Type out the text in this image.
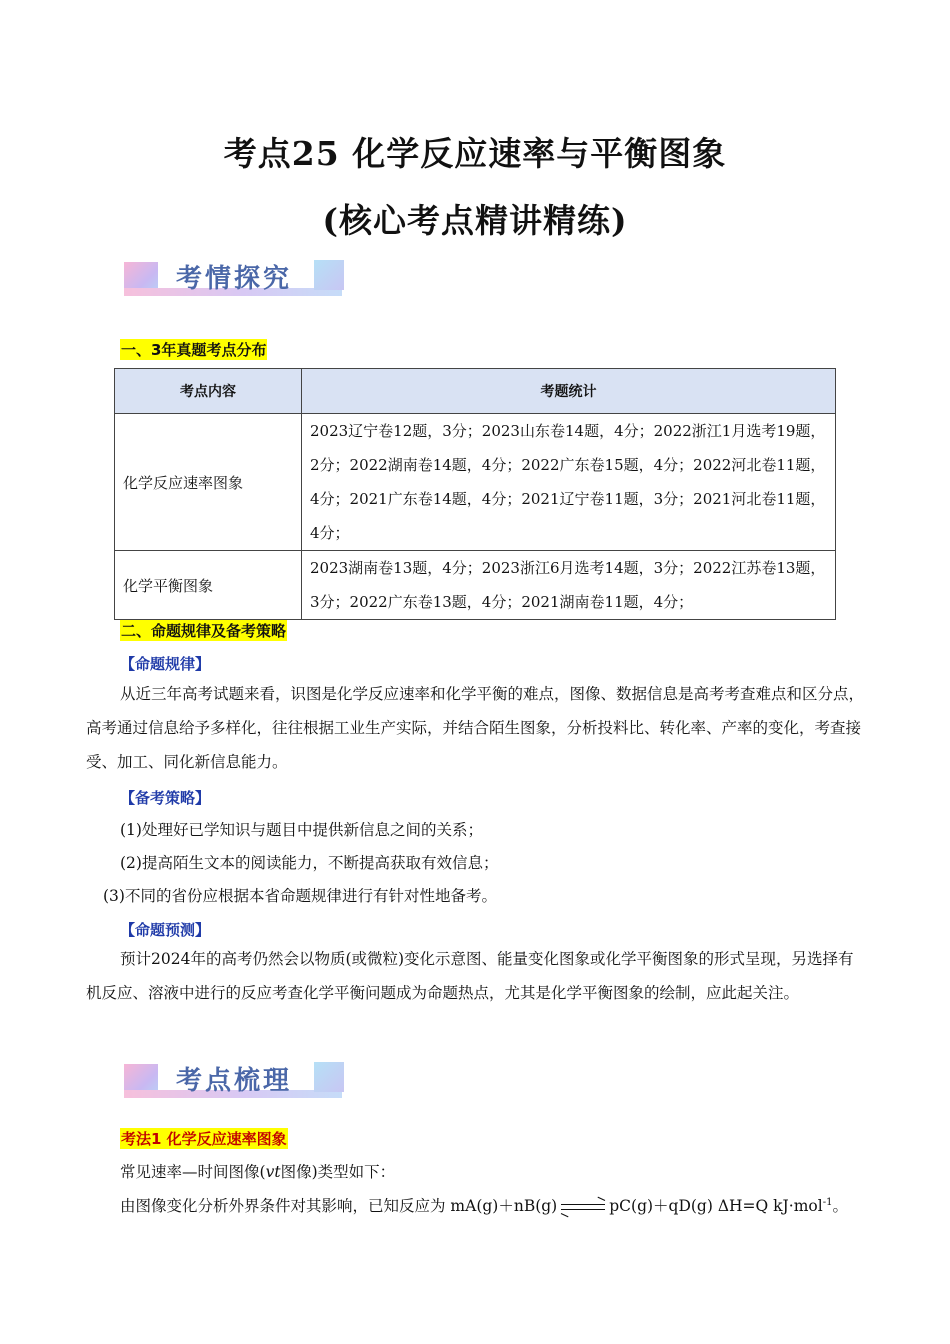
考点25 化学反应速率与平衡图象
(核心考点精讲精练)
考情探究
一、3年真题考点分布
考点内容	考题统计
化学反应速率图象	2023辽宁卷12题，3分；2023山东卷14题，4分；2022浙江1月选考19题，2分；2022湖南卷14题，4分；2022广东卷15题，4分；2022河北卷11题，4分；2021广东卷14题，4分；2021辽宁卷11题，3分；2021河北卷11题，4分；
化学平衡图象	2023湖南卷13题，4分；2023浙江6月选考14题，3分；2022江苏卷13题，3分；2022广东卷13题，4分；2021湖南卷11题，4分；
二、命题规律及备考策略
【命题规律】

从近三年高考试题来看，识图是化学反应速率和化学平衡的难点，图像、数据信息是高考考查难点和区分点，高考通过信息给予多样化，往往根据工业生产实际，并结合陌生图象，分析投料比、转化率、产率的变化，考查接受、加工、同化新信息能力。

【备考策略】
(1)处理好已学知识与题目中提供新信息之间的关系；
(2)提高陌生文本的阅读能力，不断提高获取有效信息；
(3)不同的省份应根据本省命题规律进行有针对性地备考。
【命题预测】

预计2024年的高考仍然会以物质(或微粒)变化示意图、能量变化图象或化学平衡图象的形式呈现，另选择有机反应、溶液中进行的反应考查化学平衡问题成为命题热点，尤其是化学平衡图象的绘制，应此起关注。

考点梳理
考法1 化学反应速率图象
常见速率—时间图像(vt图像)类型如下：
由图像变化分析外界条件对其影响，已知反应为 mA(g)＋nB(g) ⇌ pC(g)＋qD(g) ΔH=Q kJ·mol$^{-1}$。
